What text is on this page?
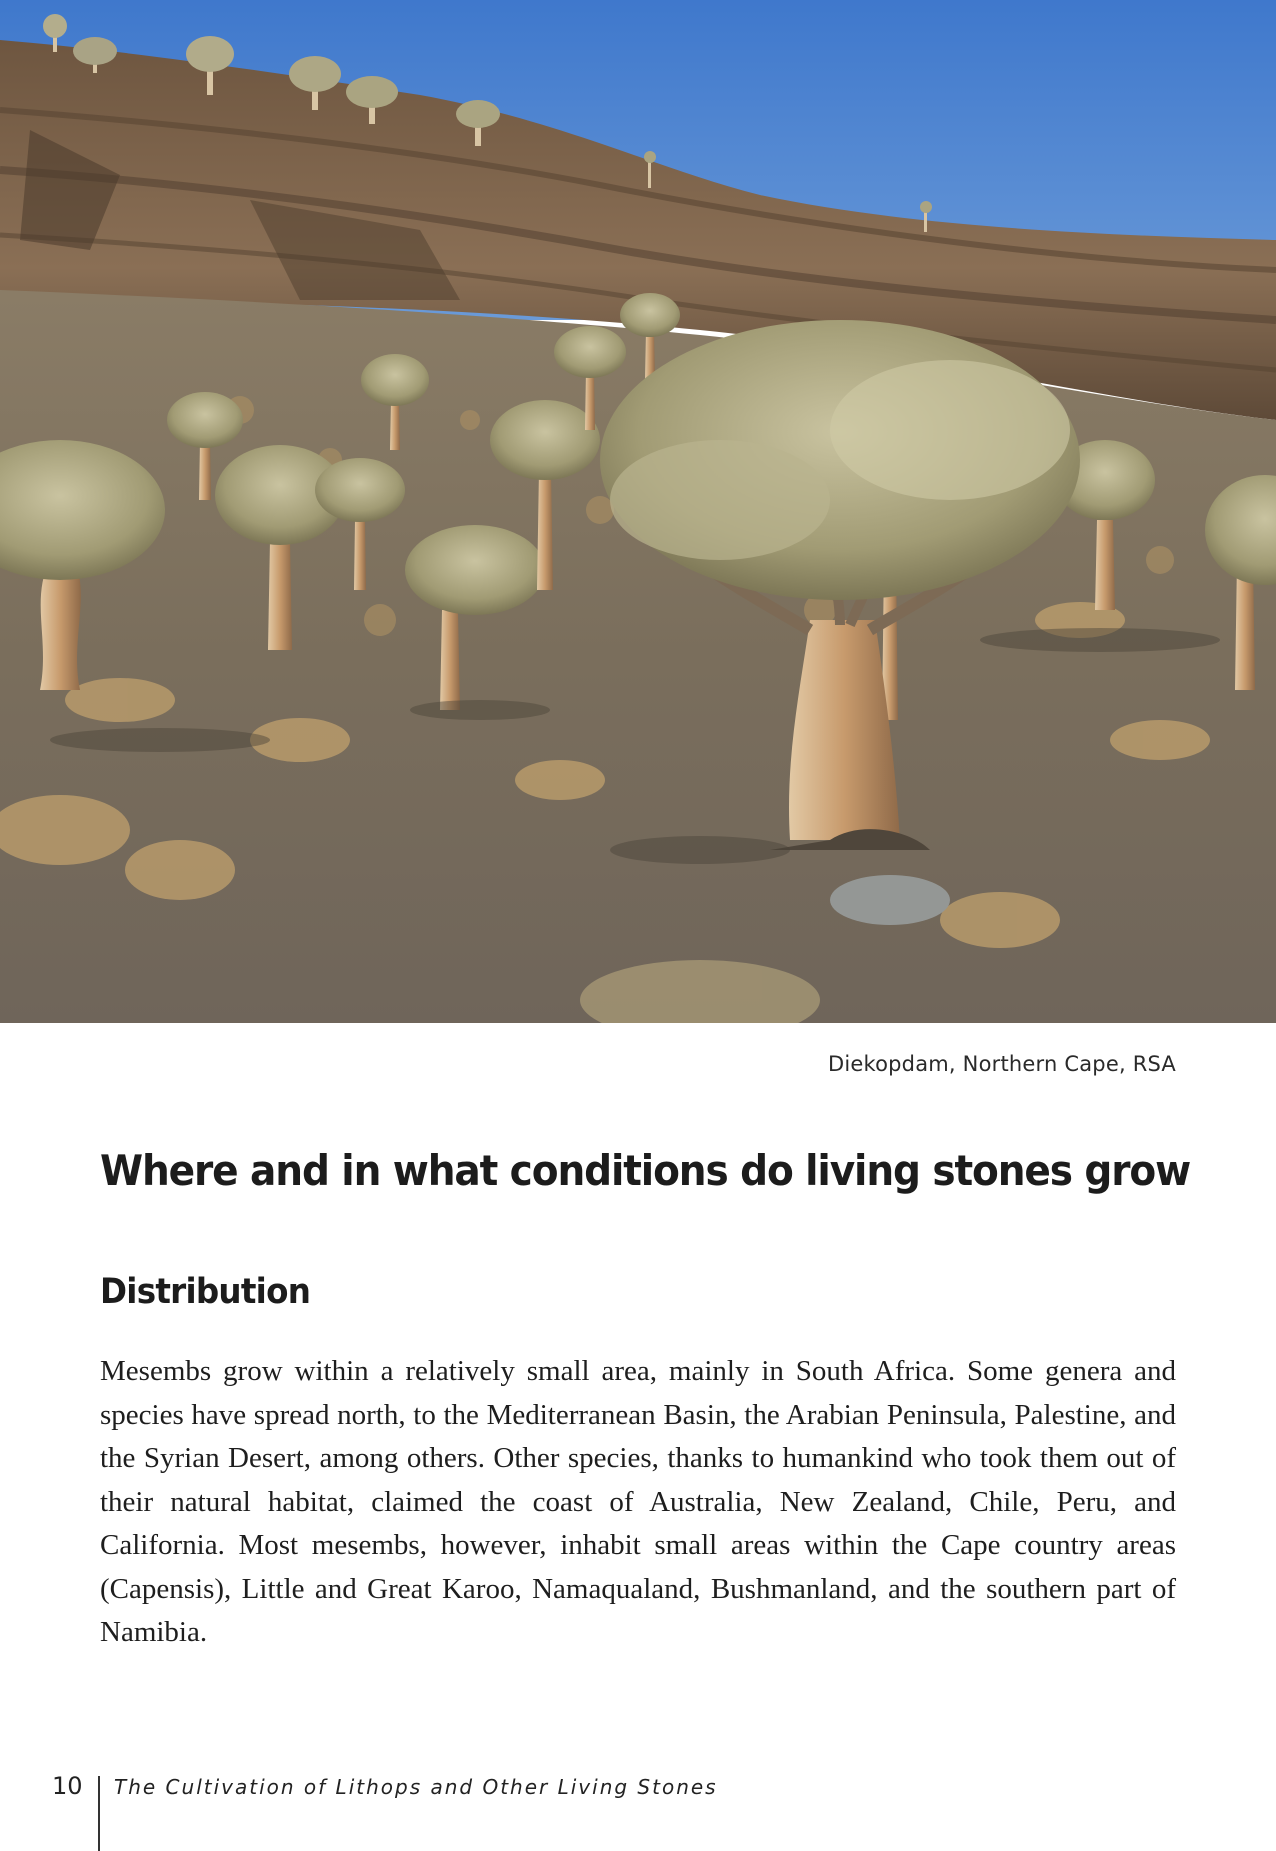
Diekopdam, Northern Cape, RSA
Where and in what conditions do living stones grow
Distribution

Mesembs grow within a relatively small area, mainly in South Africa. Some genera and species have spread north, to the Mediterranean Basin, the Arabian Peninsula, Palestine, and the Syrian Desert, among others. Other species, thanks to humankind who took them out of their natural habitat, claimed the coast of Australia, New Zealand, Chile, Peru, and California. Most mesembs, however, inhabit small areas within the Cape country areas (Capensis), Little and Great Karoo, Namaqualand, Bushmanland, and the southern part of Namibia.

10 The Cultivation of Lithops and Other Living Stones
